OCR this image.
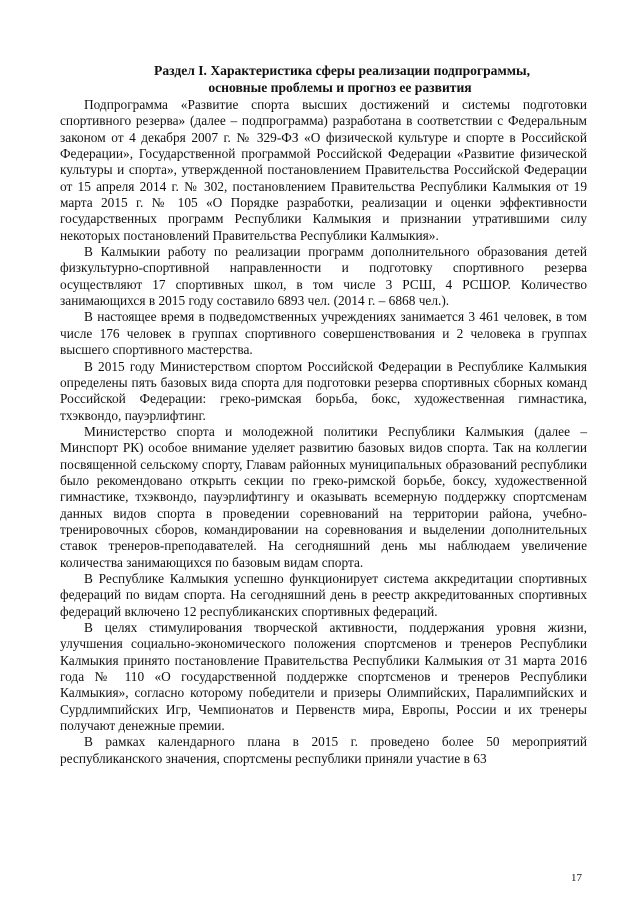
Раздел I. Характеристика сферы реализации подпрограммы,
основные проблемы и прогноз ее развития

Подпрограмма «Развитие спорта высших достижений и системы подготовки спортивного резерва» (далее – подпрограмма) разработана в соответствии с Федеральным законом от 4 декабря 2007 г. № 329-ФЗ «О физической культуре и спорте в Российской Федерации», Государственной программой Российской Федерации «Развитие физической культуры и спорта», утвержденной постановлением Правительства Российской Федерации от 15 апреля 2014 г. № 302, постановлением Правительства Республики Калмыкия от 19 марта 2015 г. № 105 «О Порядке разработки, реализации и оценки эффективности государственных программ Республики Калмыкия и признании утратившими силу некоторых постановлений Правительства Республики Калмыкия».

В Калмыкии работу по реализации программ дополнительного образования детей физкультурно-спортивной направленности и подготовку спортивного резерва осуществляют 17 спортивных школ, в том числе 3 РСШ, 4 РСШОР. Количество занимающихся в 2015 году составило 6893 чел. (2014 г. – 6868 чел.).

В настоящее время в подведомственных учреждениях занимается 3 461 человек, в том числе 176 человек в группах спортивного совершенствования и 2 человека в группах высшего спортивного мастерства.

В 2015 году Министерством спортом Российской Федерации в Республике Калмыкия определены пять базовых вида спорта для подготовки резерва спортивных сборных команд Российской Федерации: греко-римская борьба, бокс, художественная гимнастика, тхэквондо, пауэрлифтинг.

Министерство спорта и молодежной политики Республики Калмыкия (далее – Минспорт РК) особое внимание уделяет развитию базовых видов спорта. Так на коллегии посвященной сельскому спорту, Главам районных муниципальных образований республики было рекомендовано открыть секции по греко-римской борьбе, боксу, художественной гимнастике, тхэквондо, пауэрлифтингу и оказывать всемерную поддержку спортсменам данных видов спорта в проведении соревнований на территории района, учебно-тренировочных сборов, командировании на соревнования и выделении дополнительных ставок тренеров-преподавателей. На сегодняшний день мы наблюдаем увеличение количества занимающихся по базовым видам спорта.

В Республике Калмыкия успешно функционирует система аккредитации спортивных федераций по видам спорта. На сегодняшний день в реестр аккредитованных спортивных федераций включено 12 республиканских спортивных федераций.

В целях стимулирования творческой активности, поддержания уровня жизни, улучшения социально-экономического положения спортсменов и тренеров Республики Калмыкия принято постановление Правительства Республики Калмыкия от 31 марта 2016 года № 110 «О государственной поддержке спортсменов и тренеров Республики Калмыкия», согласно которому победители и призеры Олимпийских, Паралимпийских и Сурдлимпийских Игр, Чемпионатов и Первенств мира, Европы, России и их тренеры получают денежные премии.

В рамках календарного плана в 2015 г. проведено более 50 мероприятий республиканского значения, спортсмены республики приняли участие в 63

17
